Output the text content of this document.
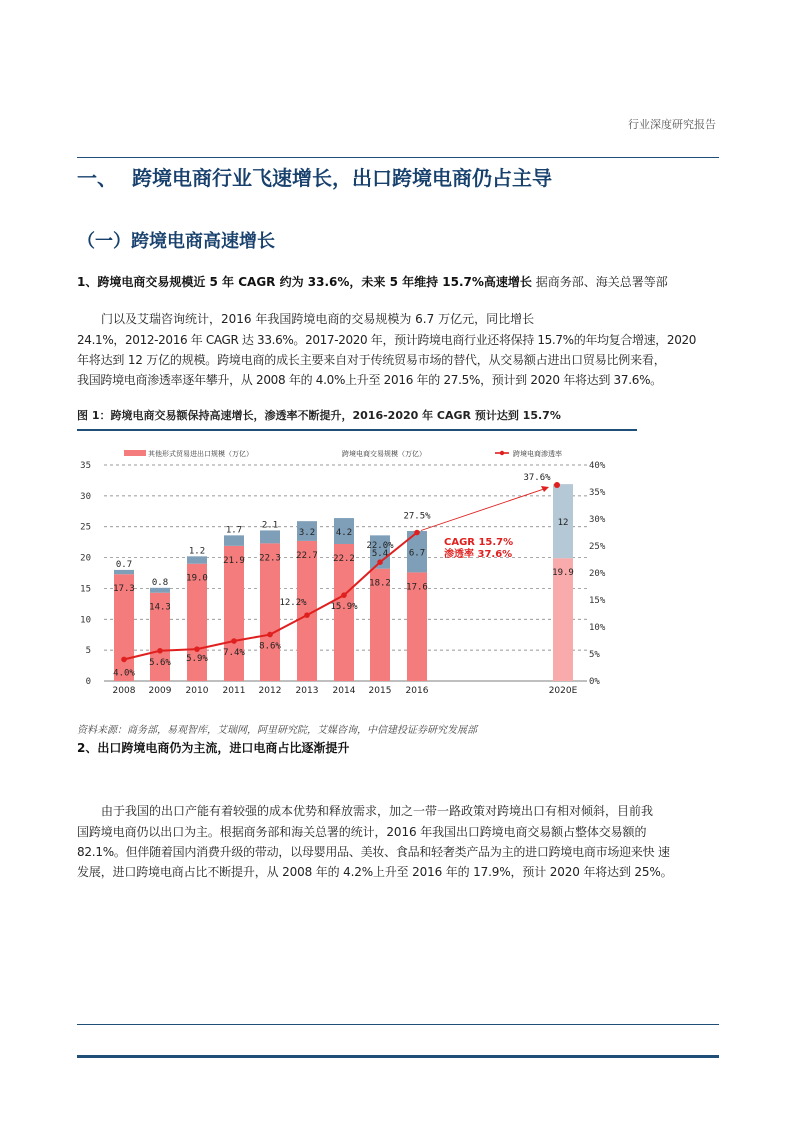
行业深度研究报告
一、 跨境电商行业飞速增长，出口跨境电商仍占主导
（一）跨境电商高速增长
1、跨境电商交易规模近 5 年 CAGR 约为 33.6%，未来 5 年维持 15.7%高速增长 据商务部、海关总署等部
门以及艾瑞咨询统计，2016 年我国跨境电商的交易规模为 6.7 万亿元，同比增长
24.1%，2012-2016 年 CAGR 达 33.6%。2017-2020 年，预计跨境电商行业还将保持 15.7%的年均复合增速，2020
年将达到 12 万亿的规模。跨境电商的成长主要来自对于传统贸易市场的替代，从交易额占进出口贸易比例来看，
我国跨境电商渗透率逐年攀升，从 2008 年的 4.0%上升至 2016 年的 27.5%，预计到 2020 年将达到 37.6%。
图 1：跨境电商交易额保持高速增长，渗透率不断提升，2016-2020 年 CAGR 预计达到 15.7%
0
5
10
15
20
25
30
35
0%
5%
10%
15%
20%
25%
30%
35%
40%
17.3
0.7
2008
14.3
0.8
2009
19.0
1.2
2010
21.9
1.7
2011
22.3
2.1
2012
22.7
3.2
2013
22.2
4.2
2014
18.2
5.4
2015
17.6
6.7
2016
19.9
12
2020E
4.0%
5.6% 5.9%
7.4%
8.6%
12.2%	15.9%
22.0%
27.5%
37.6%
CAGR 15.7%
渗透率 37.6%
其他形式贸易进出口规模（万亿）	跨境电商交易规模（万亿）	跨境电商渗透率
资料来源：商务部，易观智库，艾瑞网，阿里研究院，艾媒咨询，中信建投证券研究发展部
2、出口跨境电商仍为主流，进口电商占比逐渐提升
由于我国的出口产能有着较强的成本优势和释放需求，加之一带一路政策对跨境出口有相对倾斜，目前我
国跨境电商仍以出口为主。根据商务部和海关总署的统计，2016 年我国出口跨境电商交易额占整体交易额的
82.1%。但伴随着国内消费升级的带动，以母婴用品、美妆、食品和轻奢类产品为主的进口跨境电商市场迎来快 速
发展，进口跨境电商占比不断提升，从 2008 年的 4.2%上升至 2016 年的 17.9%，预计 2020 年将达到 25%。
